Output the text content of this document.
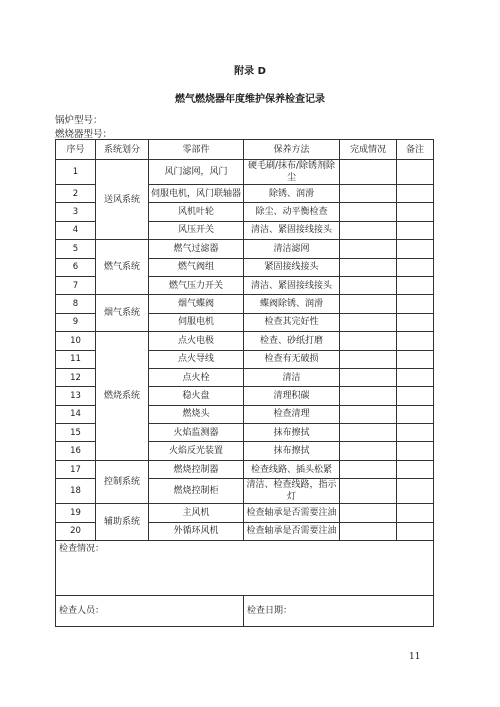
附录 D
燃气燃烧器年度维护保养检查记录
锅炉型号：
燃烧器型号：
序号	系统划分	零部件	保养方法	完成情况	备注
1	送风系统	风门滤网，风门	硬毛刷/抹布/除锈剂除尘		
2		伺服电机，风门联轴器	除锈、润滑		
3		风机叶轮	除尘、动平衡检查		
4		风压开关	清洁、紧固接线接头		
5	燃气系统	燃气过滤器	清洁滤网		
6		燃气阀组	紧固接线接头		
7		燃气压力开关	清洁、紧固接线接头		
8	烟气系统	烟气蝶阀	蝶阀除锈、润滑		
9		伺服电机	检查其完好性		
10	燃烧系统	点火电极	检查、砂纸打磨		
11		点火导线	检查有无破损		
12		点火栓	清洁		
13		稳火盘	清理积碳		
14		燃烧头	检查清理		
15		火焰监测器	抹布擦拭		
16		火焰反光装置	抹布擦拭		
17	控制系统	燃烧控制器	检查线路、插头松紧		
18		燃烧控制柜	清洁、检查线路，指示灯		
19	辅助系统	主风机	检查轴承是否需要注油		
20		外循环风机	检查轴承是否需要注油		
检查情况：					
检查人员：			检查日期：		
11
